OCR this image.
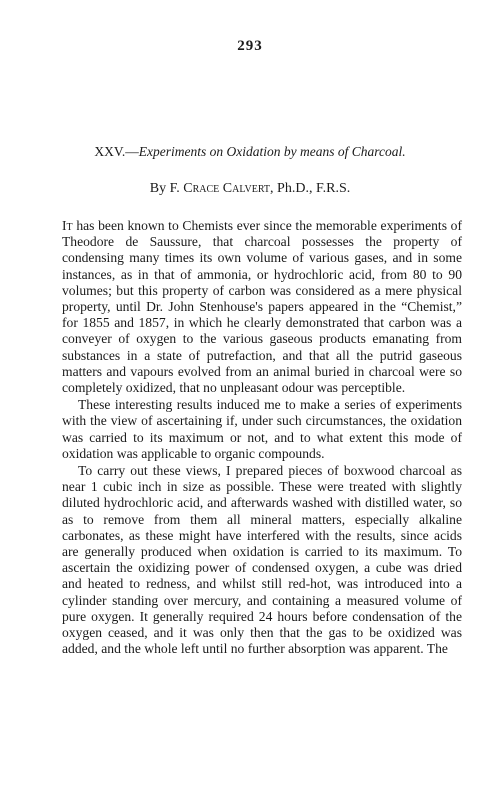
293
XXV.—Experiments on Oxidation by means of Charcoal.
By F. Crace Calvert, Ph.D., F.R.S.

It has been known to Chemists ever since the memorable experiments of Theodore de Saussure, that charcoal possesses the property of condensing many times its own volume of various gases, and in some instances, as in that of ammonia, or hydrochloric acid, from 80 to 90 volumes; but this property of carbon was considered as a mere physical property, until Dr. John Stenhouse's papers appeared in the “Chemist,” for 1855 and 1857, in which he clearly demonstrated that carbon was a conveyer of oxygen to the various gaseous products emanating from substances in a state of putrefaction, and that all the putrid gaseous matters and vapours evolved from an animal buried in charcoal were so completely oxidized, that no unpleasant odour was perceptible.

These interesting results induced me to make a series of experiments with the view of ascertaining if, under such circumstances, the oxidation was carried to its maximum or not, and to what extent this mode of oxidation was applicable to organic compounds.

To carry out these views, I prepared pieces of boxwood charcoal as near 1 cubic inch in size as possible. These were treated with slightly diluted hydrochloric acid, and afterwards washed with distilled water, so as to remove from them all mineral matters, especially alkaline carbonates, as these might have interfered with the results, since acids are generally produced when oxidation is carried to its maximum. To ascertain the oxidizing power of condensed oxygen, a cube was dried and heated to redness, and whilst still red-hot, was introduced into a cylinder standing over mercury, and containing a measured volume of pure oxygen. It generally required 24 hours before condensation of the oxygen ceased, and it was only then that the gas to be oxidized was added, and the whole left until no further absorption was apparent. The
